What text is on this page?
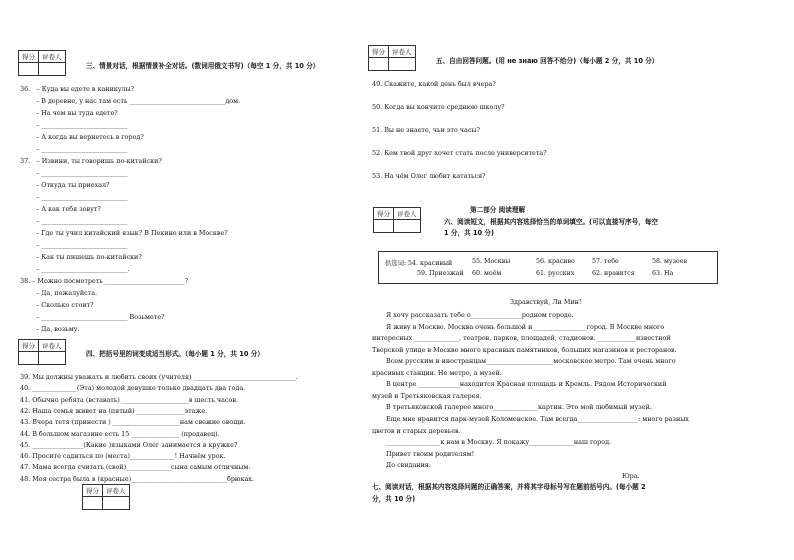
得分	评卷人

三、情景对话，根据情景补全对话。(数词用俄文书写)（每空 1 分，共 10 分）
得分	评卷人

四、把括号里的词变成适当形式。（每小题 1 分，共 10 分）
得分	评卷人

得分	评卷人

五、自由回答问题。(用 не знаю 回答不给分)（每小题 2 分，共 10 分）
得分	评卷人
		第二部分 阅读理解
六、阅读短文，根据其内容选择恰当的单词填空。(可以直接写序号，每空
1 分，共 10 分)
供选词: 54. красивый	55. Москвы	56. красиво	57. тебе	58. музеев
59. Приезжай 60. моём	61. русских	62. нравится	63. На
Здравствуй, Ли Мин!
Юра.
七、阅读对话，根据其内容选择问题的正确答案，并将其字母标号写在题前括号内。(每小题 2
分，共 10 分)
36.　– Куда вы едете в каникулы?
– В деревне, у нас там есть ______________________________дом.
– На чем вы туда едете?
– ___________________________
– А когда вы вернетесь в город?
– ___________________________
37.　– Извини, ты говоришь по-китайски?
– ___________________________
– Откуда ты приехал?
– ___________________________
– А как тебя зовут?
– ___________________________
– Где ты учил китайский язык? В Пекине или в Москве?
– ___________________________
– Как ты пишешь по-китайски?
– ___________________________.
38. – Можно посмотреть _________________________?
– Да, пожалуйста.
– Сколько стоит?
– ___________________________ Возьмете?
– Да, возьму.
39. Мы должны уважать и любить своих (учителя) ________________________________.
40. ______________(Эта) молодой девушке только двадцать два года.
41. Обычно ребята (вставать) _____________________в шесть часов.
42. Наша семья живет на (пятый) _______________этаже.
43. Вчера тетя (принести ) _____________________нам свежие овощи.
44. В большом магазине есть 15 _______________ (продавец).
45. ________________(Какие )языками Олег занимается в кружке?
46. Просите садиться по (места)______________! Начнём урок.
47. Мама всегда считать (свой)______________сына самым отличным.
48. Моя сестра была в (красные)______________________________брюках.
49. Скажите, какой день был вчера?
50. Когда вы кончите среднюю школу?
51. Вы не знаете, чьи это часы?
52. Кем твой друг хочет стать после университета?
53. На чём Олег любит кататься?
Я хочу рассказать тебе о________________родном городе.
Я живу в Москве. Москва очень большой и_________________город. В Москве много
интересных ______________, театров, парков, площадей, стадионов. ____________известной
Тверской улице в Москве много красивых памятников, больших магазинов и ресторанов.
Всем русским и иностранцам_____________________московское метро. Там очень много
красивых станции. Не метро, а музей.
В центре _____________находится Красная площадь и Кремль. Рядом Исторический
музей и Третьяковская галерея.
В третьяковской галерее много______________картин. Это мой любимый музей.
Еще мне нравится парк-музей Коломенское. Там всегда___________________: много разных
цветов и старых деревьев.
_________________к нам в Москву. Я покажу______________наш город.
Привет твоим родителям!
До свидания.
